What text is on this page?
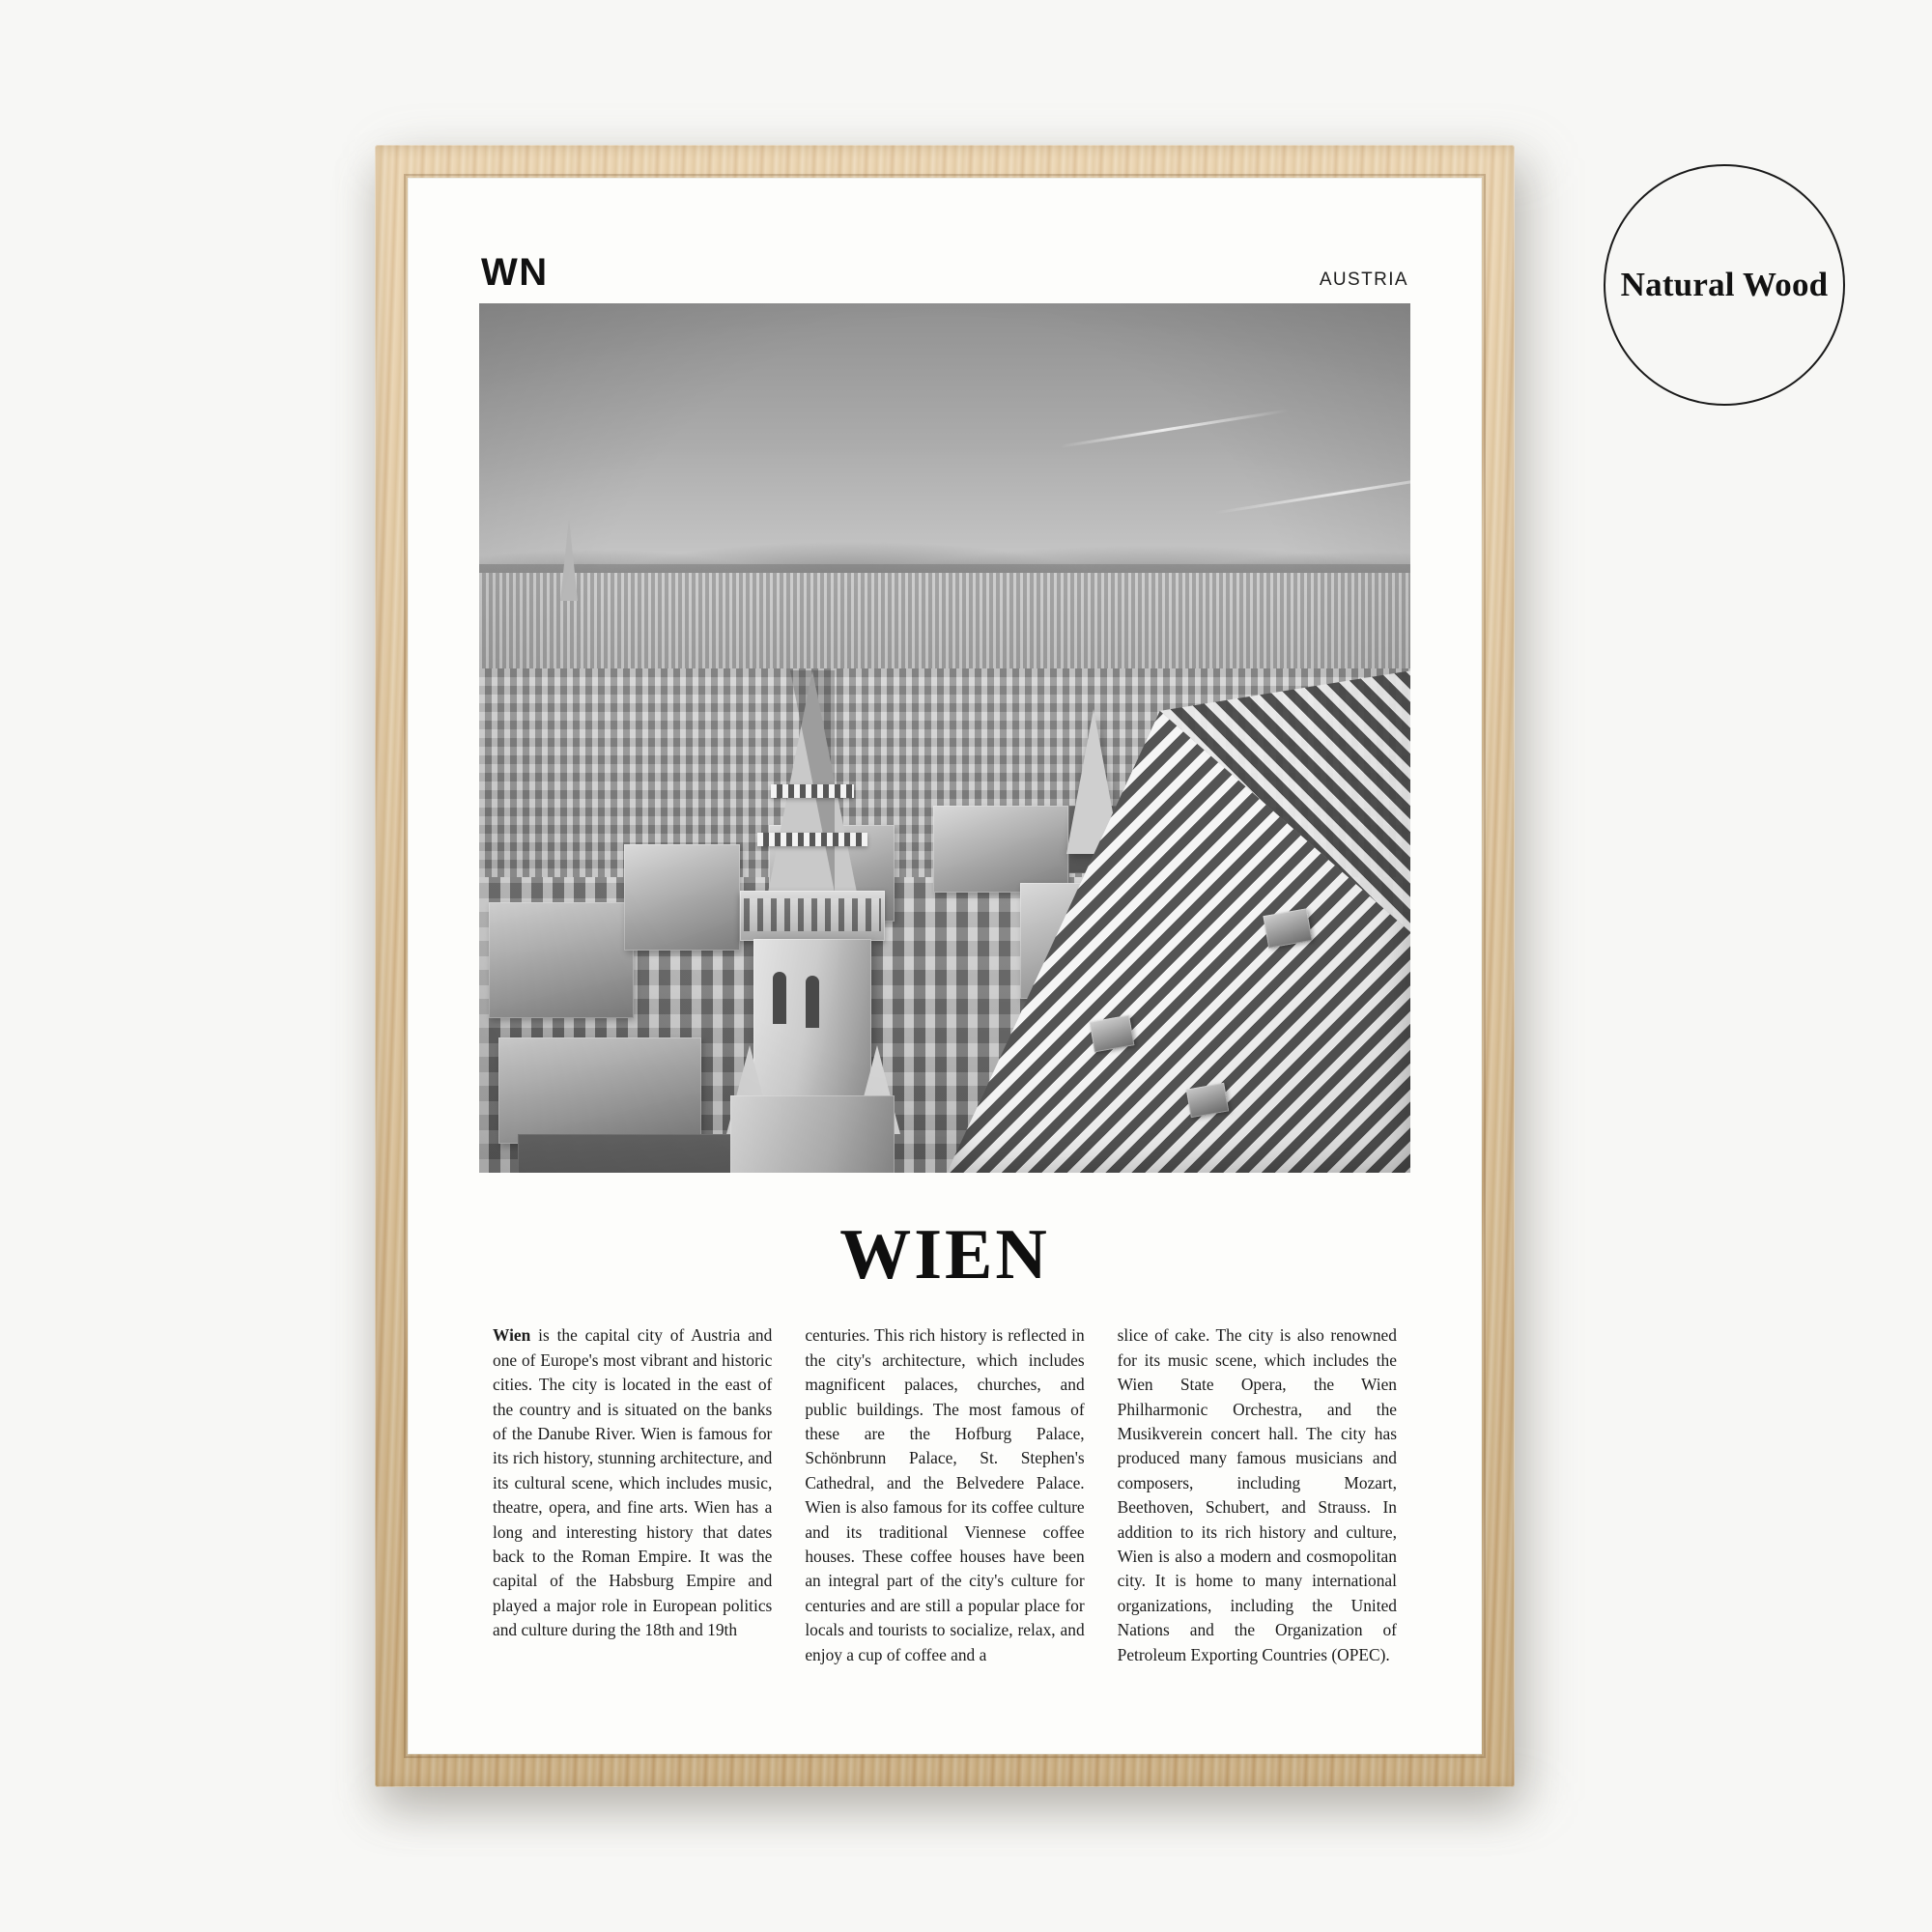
Natural Wood
WN	AUSTRIA
WIEN
Wien is the capital city of Austria and one of Europe's most vibrant and historic cities. The city is located in the east of the country and is situated on the banks of the Danube River. Wien is famous for its rich history, stunning architecture, and its cultural scene, which includes music, theatre, opera, and fine arts. Wien has a long and interesting history that dates back to the Roman Empire. It was the capital of the Habsburg Empire and played a major role in European politics and culture during the 18th and 19th
centuries. This rich history is reflected in the city's architecture, which includes magnificent palaces, churches, and public buildings. The most famous of these are the Hofburg Palace, Schönbrunn Palace, St. Stephen's Cathedral, and the Belvedere Palace. Wien is also famous for its coffee culture and its traditional Viennese coffee houses. These coffee houses have been an integral part of the city's culture for centuries and are still a popular place for locals and tourists to socialize, relax, and enjoy a cup of coffee and a
slice of cake. The city is also renowned for its music scene, which includes the Wien State Opera, the Wien Philharmonic Orchestra, and the Musikverein concert hall. The city has produced many famous musicians and composers, including Mozart, Beethoven, Schubert, and Strauss. In addition to its rich history and culture, Wien is also a modern and cosmopolitan city. It is home to many international organizations, including the United Nations and the Organization of Petroleum Exporting Countries (OPEC).
